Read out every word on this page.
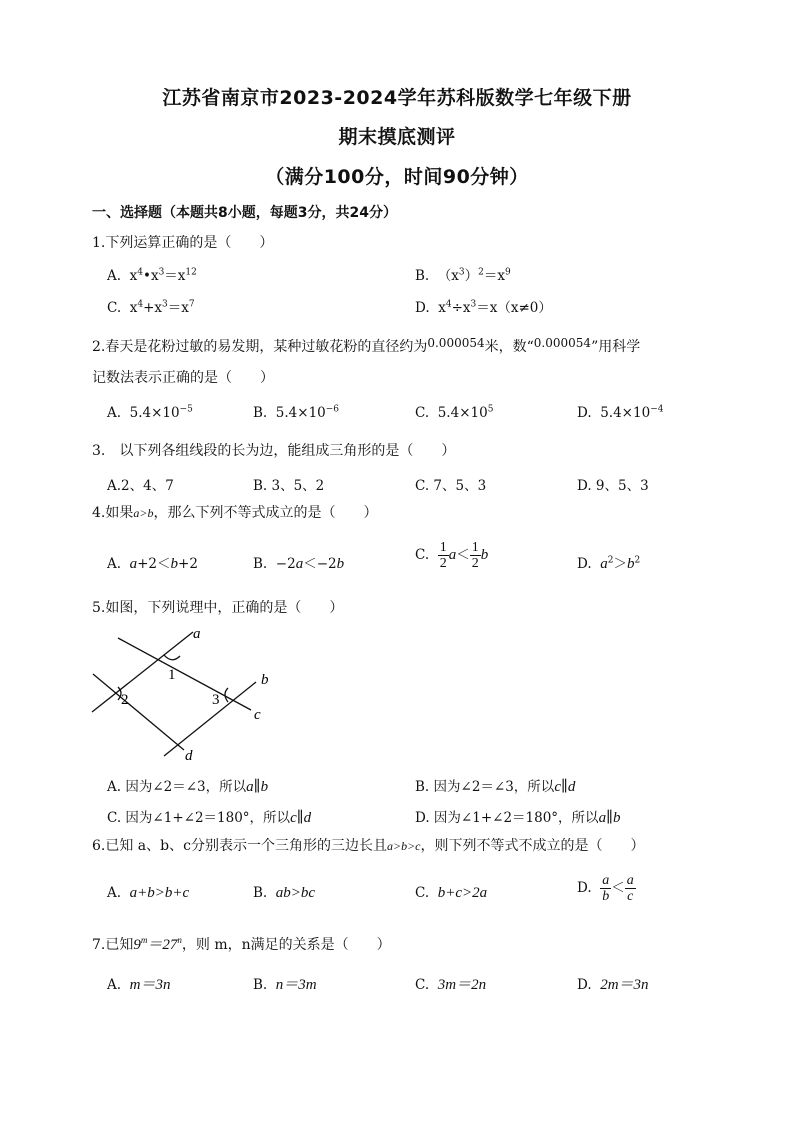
江苏省南京市2023-2024学年苏科版数学七年级下册
期末摸底测评
（满分100分，时间90分钟）
一、选择题（本题共8小题，每题3分，共24分）
1.下列运算正确的是（　　）
A.  $x^4•x^3=x^{12}$	B.  $(x^3)^2=x^9$
C.  $x^4+x^3=x^7$	D.  $x^4\div x^3=x(x\ne 0)$
2.春天是花粉过敏的易发期，某种过敏花粉的直径约为0.000054米，数“0.000054”用科学
记数法表示正确的是（　　）
A.  $5.4\times 10^{-5}$	B.  $5.4\times 10^{-6}$	C.  $5.4\times 10^5$	D.  $5.4\times 10^{-4}$
3.　以下列各组线段的长为边，能组成三角形的是（　　）
A.2、4、7	B. 3、5、2	C. 7、5、3	D. 9、5、3
4.如果a>b，那么下列不等式成立的是（　　）
A.  a+2＜b+2	B.  −2a＜−2b
C. $\frac{1}{2} a< \frac{1}{2}$ b
D.  $a^2>b^2$
5.如图，下列说理中，正确的是（　　）
a
b
c
d
1
2	3
A. 因为∠2＝∠3，所以a∥b	B. 因为∠2＝∠3，所以c∥d
C. 因为∠1+∠2＝180°，所以c∥d	D. 因为∠1+∠2＝180°，所以a∥b
6.已知 a、b、c分别表示一个三角形的三边长且a>b>c，则下列不等式不成立的是（　　）
A.  a+b>b+c	B.  ab>bc	C.  b+c>2a	D. $\frac{a}{b} < \frac{a}{c}$
7.已知$9^m=27^n$，则 m，n满足的关系是（　　）
A.  m＝3n	B.  n＝3m	C.  3m＝2n	D.  2m＝3n
